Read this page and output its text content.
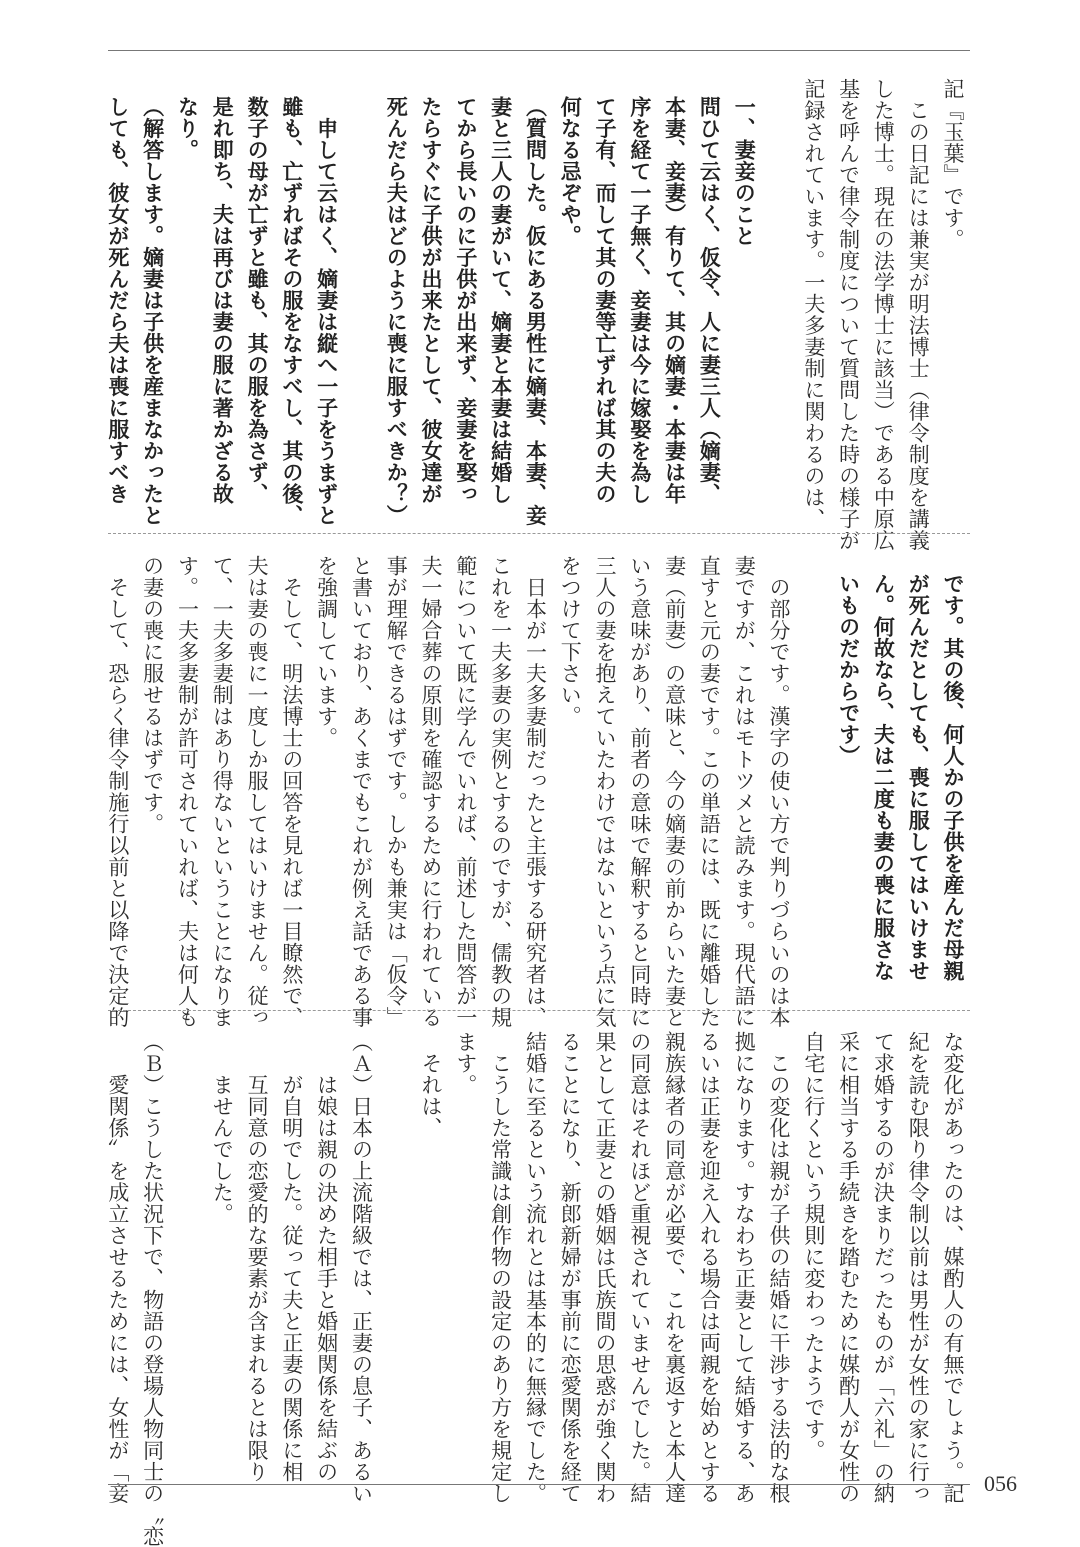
記『玉葉』です。
　この日記には兼実が明法博士（律令制度を講義
した博士。現在の法学博士に該当）である中原広
基を呼んで律令制度について質問した時の様子が
記録されています。一夫多妻制に関わるのは、
一、妻妾のこと
問ひて云はく、仮令、人に妻三人（嫡妻、
本妻、妾妻）有りて、其の嫡妻・本妻は年
序を経て一子無く、妾妻は今に嫁娶を為し
て子有、而して其の妻等亡ずれば其の夫の
何なる忌ぞや。
（質問した。仮にある男性に嫡妻、本妻、妾
妻と三人の妻がいて、嫡妻と本妻は結婚し
てから長いのに子供が出来ず、妾妻を娶っ
たらすぐに子供が出来たとして、彼女達が
死んだら夫はどのように喪に服すべきか？）
　申して云はく、嫡妻は縦へ一子をうまずと
雖も、亡ずればその服をなすべし、其の後、
数子の母が亡ずと雖も、其の服を為さず、
是れ即ち、夫は再びは妻の服に著かざる故
なり。
（解答します。嫡妻は子供を産まなかったと
しても、彼女が死んだら夫は喪に服すべき
です。其の後、何人かの子供を産んだ母親
が死んだとしても、喪に服してはいけませ
ん。何故なら、夫は二度も妻の喪に服さな
いものだからです）
　の部分です。漢字の使い方で判りづらいのは本
妻ですが、これはモトツメと読みます。現代語に
直すと元の妻です。この単語には、既に離婚した
妻（前妻）の意味と、今の嫡妻の前からいた妻と
いう意味があり、前者の意味で解釈すると同時に
三人の妻を抱えていたわけではないという点に気
をつけて下さい。
　日本が一夫多妻制だったと主張する研究者は、
これを一夫多妻の実例とするのですが、儒教の規
範について既に学んでいれば、前述した問答が一
夫一婦合葬の原則を確認するために行われている
事が理解できるはずです。しかも兼実は「仮令」
と書いており、あくまでもこれが例え話である事
を強調しています。
　そして、明法博士の回答を見れば一目瞭然で、
夫は妻の喪に一度しか服してはいけません。従っ
て、一夫多妻制はあり得ないということになりま
す。一夫多妻制が許可されていれば、夫は何人も
の妻の喪に服せるはずです。
　そして、恐らく律令制施行以前と以降で決定的
な変化があったのは、媒酌人の有無でしょう。記
紀を読む限り律令制以前は男性が女性の家に行っ
て求婚するのが決まりだったものが「六礼」の納
采に相当する手続きを踏むために媒酌人が女性の
自宅に行くという規則に変わったようです。
　この変化は親が子供の結婚に干渉する法的な根
拠になります。すなわち正妻として結婚する、あ
るいは正妻を迎え入れる場合は両親を始めとする
親族縁者の同意が必要で、これを裏返すと本人達
の同意はそれほど重視されていませんでした。結
果として正妻との婚姻は氏族間の思惑が強く関わ
ることになり、新郎新婦が事前に恋愛関係を経て
結婚に至るという流れとは基本的に無縁でした。
　こうした常識は創作物の設定のあり方を規定し
ます。
　それは、
（Ａ）日本の上流階級では、正妻の息子、あるい
　　は娘は親の決めた相手と婚姻関係を結ぶの
　　が自明でした。従って夫と正妻の関係に相
　　互同意の恋愛的な要素が含まれるとは限り
　　ませんでした。
（Ｂ）こうした状況下で、物語の登場人物同士の〝恋
　　愛関係〟を成立させるためには、女性が「妾	056
